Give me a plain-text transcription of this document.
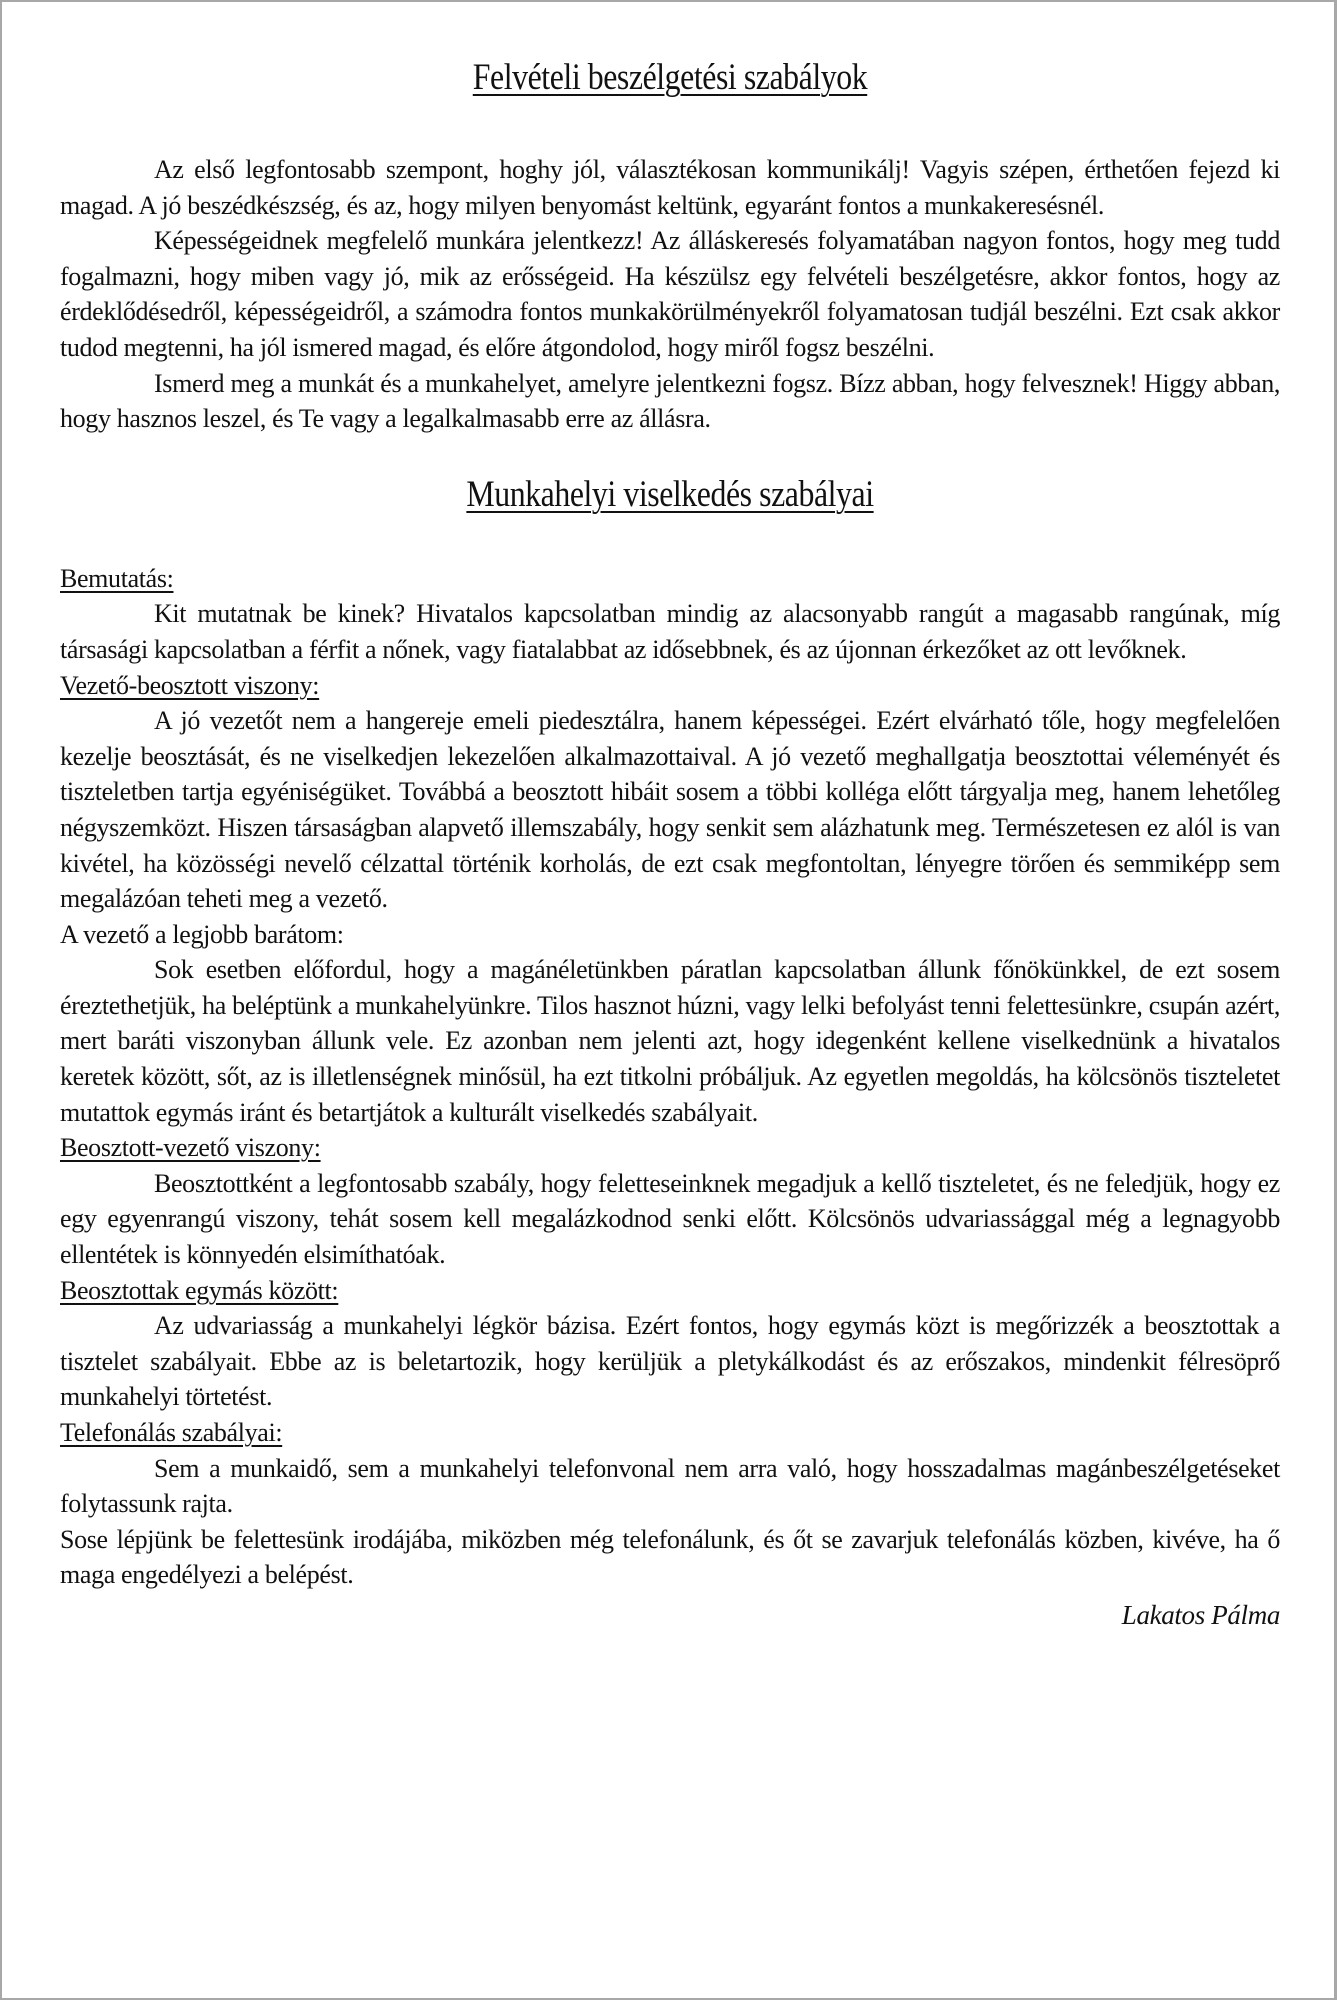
Felvételi beszélgetési szabályok

Az első legfontosabb szempont, hoghy jól, választékosan kommunikálj! Vagyis szépen, érthetően fejezd ki magad. A jó beszédkészség, és az, hogy milyen benyomást keltünk, egyaránt fontos a munkakeresésnél.

Képességeidnek megfelelő munkára jelentkezz! Az álláskeresés folyamatában nagyon fontos, hogy meg tudd fogalmazni, hogy miben vagy jó, mik az erősségeid. Ha készülsz egy felvételi beszélgetésre, akkor fontos, hogy az érdeklődésedről, képességeidről, a számodra fontos munkakörülményekről folyamatosan tudjál beszélni. Ezt csak akkor tudod megtenni, ha jól ismered magad, és előre átgondolod, hogy miről fogsz beszélni.

Ismerd meg a munkát és a munkahelyet, amelyre jelentkezni fogsz. Bízz abban, hogy felvesznek! Higgy abban, hogy hasznos leszel, és Te vagy a legalkalmasabb erre az állásra.

Munkahelyi viselkedés szabályai

Bemutatás:

Kit mutatnak be kinek? Hivatalos kapcsolatban mindig az alacsonyabb rangút a magasabb rangúnak, míg társasági kapcsolatban a férfit a nőnek, vagy fiatalabbat az idősebbnek, és az újonnan érkezőket az ott levőknek.

Vezető-beosztott viszony:

A jó vezetőt nem a hangereje emeli piedesztálra, hanem képességei. Ezért elvárható tőle, hogy megfelelően kezelje beosztását, és ne viselkedjen lekezelően alkalmazottaival. A jó vezető meghallgatja beosztottai véleményét és tiszteletben tartja egyéniségüket. Továbbá a beosztott hibáit sosem a többi kolléga előtt tárgyalja meg, hanem lehetőleg négyszemközt. Hiszen társaságban alapvető illemszabály, hogy senkit sem alázhatunk meg. Természetesen ez alól is van kivétel, ha közösségi nevelő célzattal történik korholás, de ezt csak megfontoltan, lényegre törően és semmiképp sem megalázóan teheti meg a vezető.

A vezető a legjobb barátom:

Sok esetben előfordul, hogy a magánéletünkben páratlan kapcsolatban állunk főnökünkkel, de ezt sosem éreztethetjük, ha beléptünk a munkahelyünkre. Tilos hasznot húzni, vagy lelki befolyást tenni felettesünkre, csupán azért, mert baráti viszonyban állunk vele. Ez azonban nem jelenti azt, hogy idegenként kellene viselkednünk a hivatalos keretek között, sőt, az is illetlenségnek minősül, ha ezt titkolni próbáljuk. Az egyetlen megoldás, ha kölcsönös tiszteletet mutattok egymás iránt és betartjátok a kulturált viselkedés szabályait.

Beosztott-vezető viszony:

Beosztottként a legfontosabb szabály, hogy feletteseinknek megadjuk a kellő tiszteletet, és ne feledjük, hogy ez egy egyenrangú viszony, tehát sosem kell megalázkodnod senki előtt. Kölcsönös udvariassággal még a legnagyobb ellentétek is könnyedén elsimíthatóak.

Beosztottak egymás között:

Az udvariasság a munkahelyi légkör bázisa. Ezért fontos, hogy egymás közt is megőrizzék a beosztottak a tisztelet szabályait. Ebbe az is beletartozik, hogy kerüljük a pletykálkodást és az erőszakos, mindenkit félresöprő munkahelyi törtetést.

Telefonálás szabályai:

Sem a munkaidő, sem a munkahelyi telefonvonal nem arra való, hogy hosszadalmas magánbeszélgetéseket folytassunk rajta.

Sose lépjünk be felettesünk irodájába, miközben még telefonálunk, és őt se zavarjuk telefonálás közben, kivéve, ha ő maga engedélyezi a belépést.

Lakatos Pálma
